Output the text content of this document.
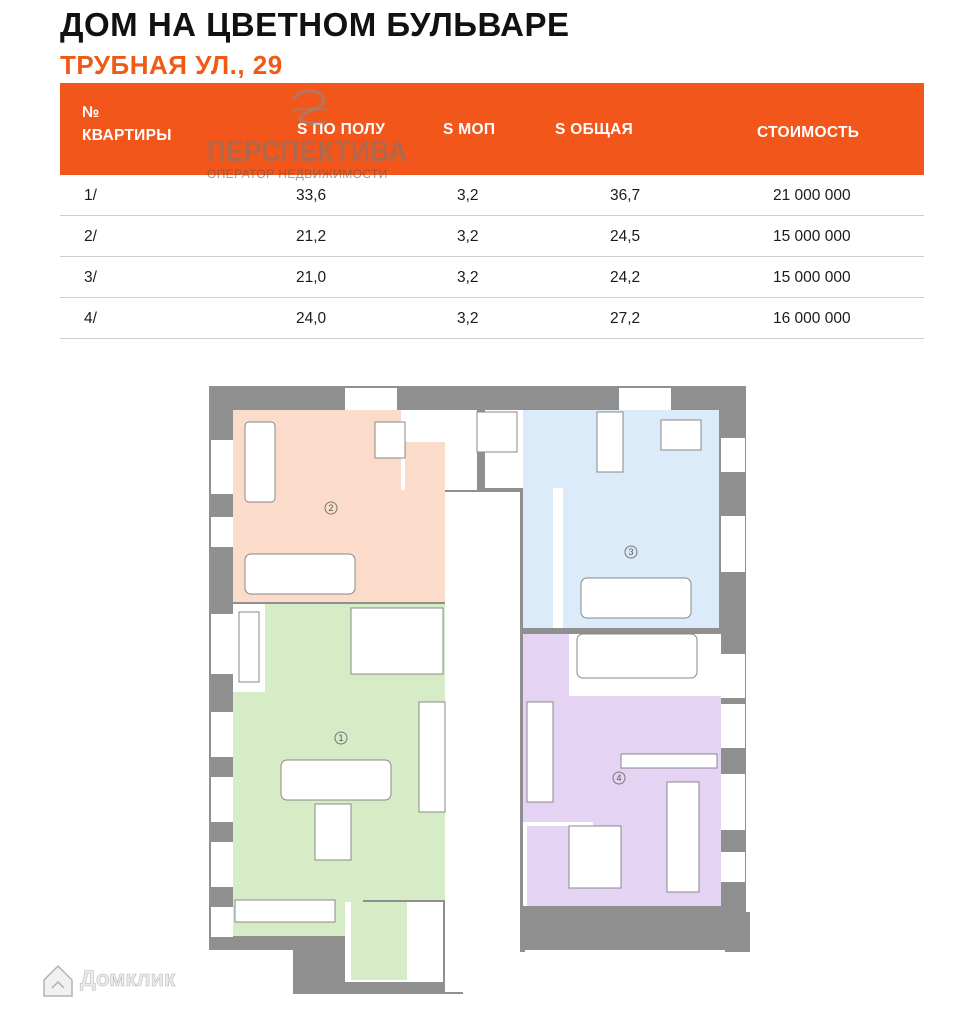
ДОМ НА ЦВЕТНОМ БУЛЬВАРЕ
ТРУБНАЯ УЛ., 29
№
КВАРТИРЫ	S ПО ПОЛУ	S МОП	S ОБЩАЯ	СТОИМОСТЬ
1/	33,6	3,2	36,7	21 000 000
2/	21,2	3,2	24,5	15 000 000
3/	21,0	3,2	24,2	15 000 000
4/	24,0	3,2	27,2	16 000 000
ПЕРСПЕКТИВА
ОПЕРАТОР НЕДВИЖИМОСТИ
2
3
1
4
Домклик
